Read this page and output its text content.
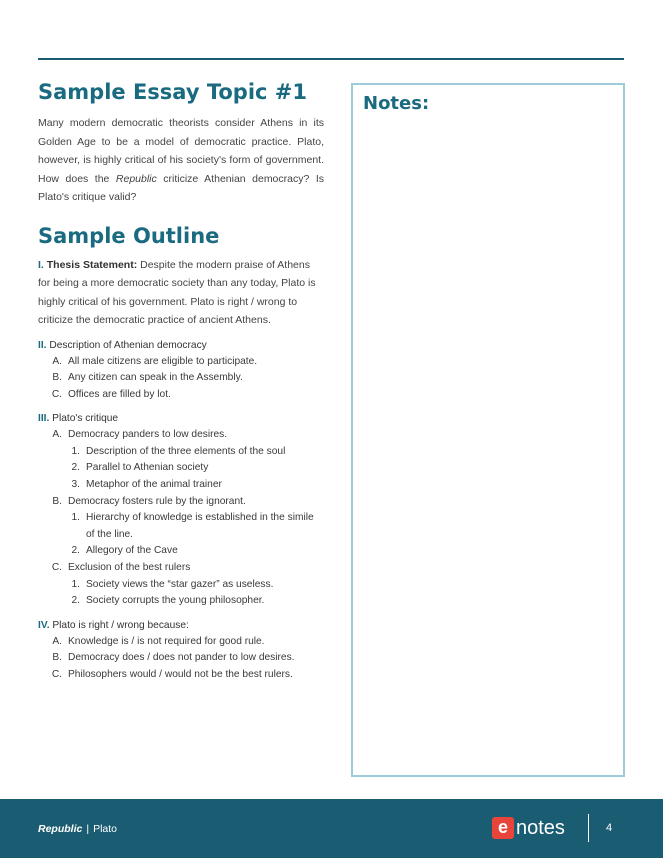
Sample Essay Topic #1

Many modern democratic theorists consider Athens in its Golden Age to be a model of democratic practice. Plato, however, is highly critical of his society's form of government. How does the Republic criticize Athenian democracy? Is Plato's critique valid?

Sample Outline

I. Thesis Statement: Despite the modern praise of Athens for being a more democratic society than any today, Plato is highly critical of his government. Plato is right / wrong to criticize the democratic practice of ancient Athens.

II. Description of Athenian democracy
A. All male citizens are eligible to participate.
B. Any citizen can speak in the Assembly.
C. Offices are filled by lot.
III. Plato's critique
A. Democracy panders to low desires.
1. Description of the three elements of the soul
2. Parallel to Athenian society
3. Metaphor of the animal trainer
B. Democracy fosters rule by the ignorant.
1. Hierarchy of knowledge is established in the simile of the line.
2. Allegory of the Cave
C. Exclusion of the best rulers
1. Society views the “star gazer” as useless.
2. Society corrupts the young philosopher.
IV. Plato is right / wrong because:
A. Knowledge is / is not required for good rule.
B. Democracy does / does not pander to low desires.
C. Philosophers would / would not be the best rulers.
Notes:
Republic | Plato	e notes	4
